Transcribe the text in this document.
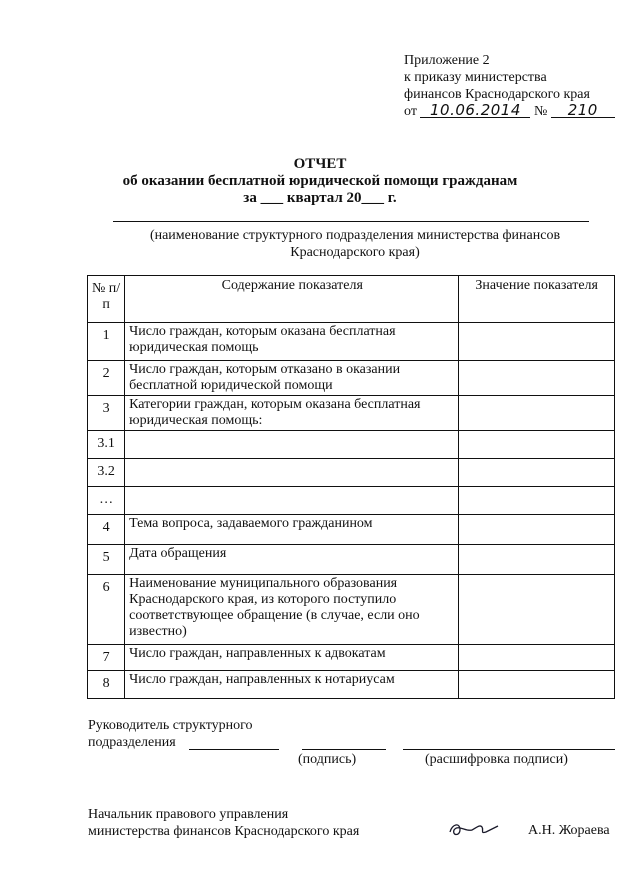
Приложение 2
к приказу министерства
финансов Краснодарского края
от 10.06.2014 № 210
ОТЧЕТ
об оказании бесплатной юридической помощи гражданам
за ___ квартал 20___ г.
(наименование структурного подразделения министерства финансов Краснодарского края)
№ п/п	Содержание показателя	Значение показателя
1	Число граждан, которым оказана бесплатная юридическая помощь	
2	Число граждан, которым отказано в оказании бесплатной юридической помощи	
3	Категории граждан, которым оказана бесплатная юридическая помощь:	
3.1		
3.2		
…		
4	Тема вопроса, задаваемого гражданином	
5	Дата обращения	
6	Наименование муниципального образования Краснодарского края, из которого поступило соответствующее обращение (в случае, если оно известно)	
7	Число граждан, направленных к адвокатам	
8	Число граждан, направленных к нотариусам	
Руководитель структурного
подразделения
(подпись)	(расшифровка подписи)
Начальник правового управления
министерства финансов Краснодарского края	А.Н. Жораева
